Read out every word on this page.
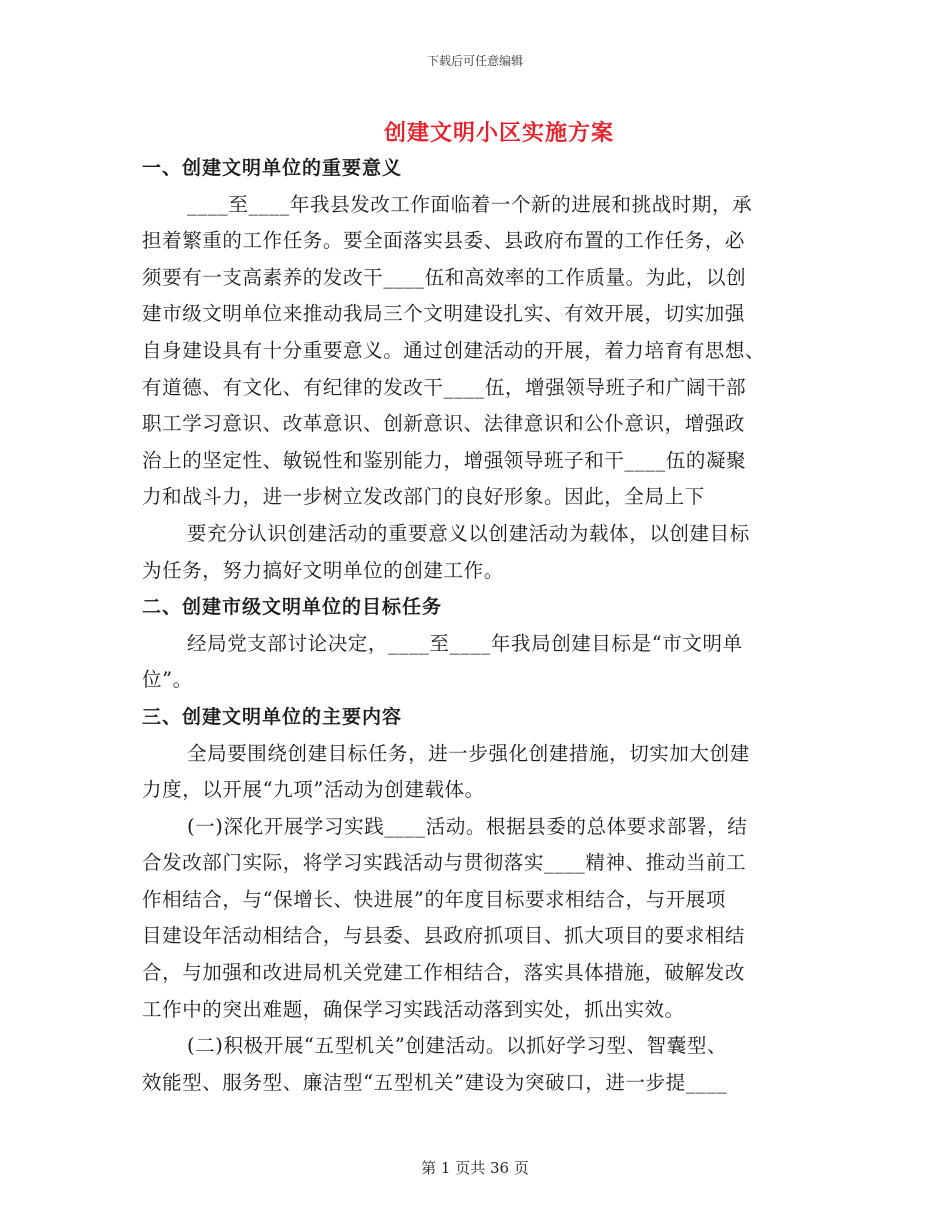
下载后可任意编辑
创建文明小区实施方案
一、创建文明单位的重要意义
____至____年我县发改工作面临着一个新的进展和挑战时期，承
担着繁重的工作任务。要全面落实县委、县政府布置的工作任务，必
须要有一支高素养的发改干____伍和高效率的工作质量。为此，以创
建市级文明单位来推动我局三个文明建设扎实、有效开展，切实加强
自身建设具有十分重要意义。通过创建活动的开展，着力培育有思想、
有道德、有文化、有纪律的发改干____伍，增强领导班子和广阔干部
职工学习意识、改革意识、创新意识、法律意识和公仆意识，增强政
治上的坚定性、敏锐性和鉴别能力，增强领导班子和干____伍的凝聚
力和战斗力，进一步树立发改部门的良好形象。因此，全局上下
要充分认识创建活动的重要意义以创建活动为载体，以创建目标
为任务，努力搞好文明单位的创建工作。
二、创建市级文明单位的目标任务
经局党支部讨论决定，____至____年我局创建目标是“市文明单
位”。
三、创建文明单位的主要内容
全局要围绕创建目标任务，进一步强化创建措施，切实加大创建
力度，以开展“九项”活动为创建载体。
(一)深化开展学习实践____活动。根据县委的总体要求部署，结
合发改部门实际，将学习实践活动与贯彻落实____精神、推动当前工
作相结合，与“保增长、快进展”的年度目标要求相结合，与开展项
目建设年活动相结合，与县委、县政府抓项目、抓大项目的要求相结
合，与加强和改进局机关党建工作相结合，落实具体措施，破解发改
工作中的突出难题，确保学习实践活动落到实处，抓出实效。
(二)积极开展“五型机关”创建活动。以抓好学习型、智囊型、
效能型、服务型、廉洁型“五型机关”建设为突破口，进一步提____
第 1 页共 36 页
